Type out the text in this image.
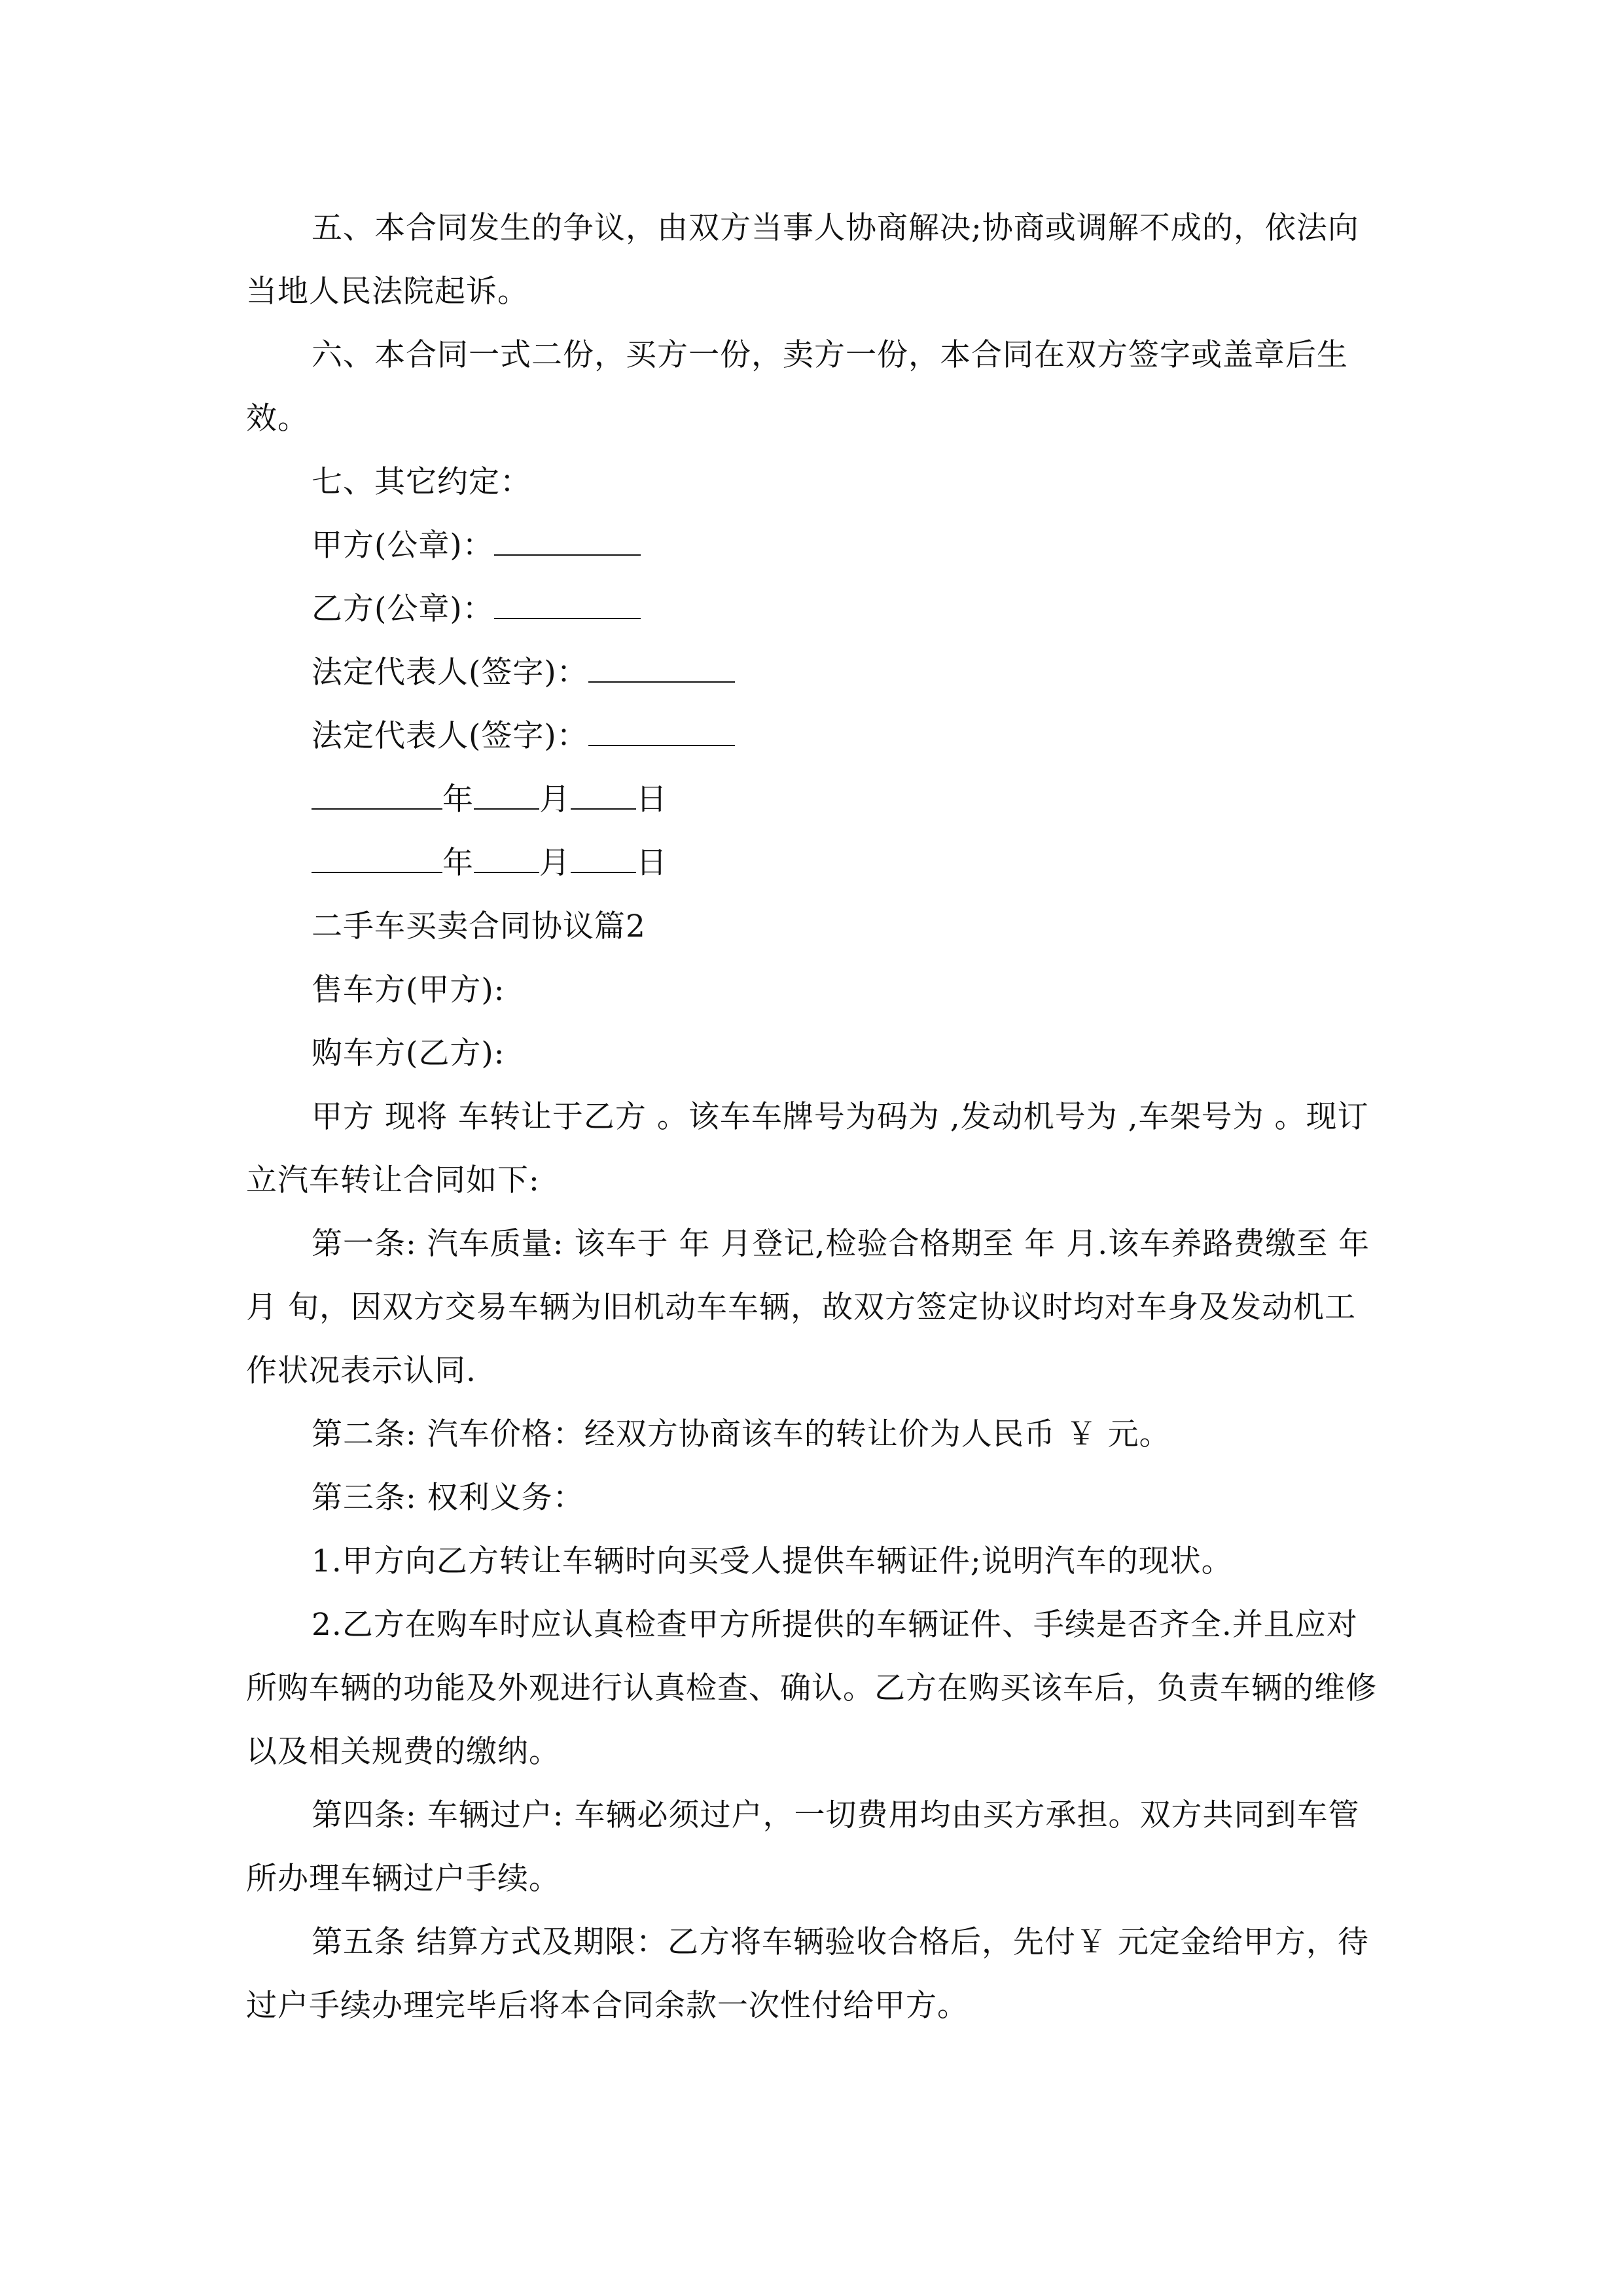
五、本合同发生的争议，由双方当事人协商解决;协商或调解不成的，依法向当地人民法院起诉。

六、本合同一式二份，买方一份，卖方一份，本合同在双方签字或盖章后生效。

七、其它约定：

甲方(公章)：

乙方(公章)：

法定代表人(签字)：

法定代表人(签字)：

年 月 日

年 月 日

二手车买卖合同协议篇2

售车方(甲方):

购车方(乙方):

甲方 现将 车转让于乙方 。该车车牌号为码为 ,发动机号为 ,车架号为 。现订立汽车转让合同如下:

第一条: 汽车质量: 该车于 年 月登记,检验合格期至 年 月.该车养路费缴至 年 月 旬，因双方交易车辆为旧机动车车辆，故双方签定协议时均对车身及发动机工作状况表示认同.

第二条: 汽车价格：经双方协商该车的转让价为人民币 ￥ 元。

第三条: 权利义务：

1.甲方向乙方转让车辆时向买受人提供车辆证件;说明汽车的现状。

2.乙方在购车时应认真检查甲方所提供的车辆证件、手续是否齐全.并且应对所购车辆的功能及外观进行认真检查、确认。乙方在购买该车后，负责车辆的维修以及相关规费的缴纳。

第四条: 车辆过户: 车辆必须过户，一切费用均由买方承担。双方共同到车管所办理车辆过户手续。

第五条 结算方式及期限：乙方将车辆验收合格后，先付￥ 元定金给甲方，待过户手续办理完毕后将本合同余款一次性付给甲方。
